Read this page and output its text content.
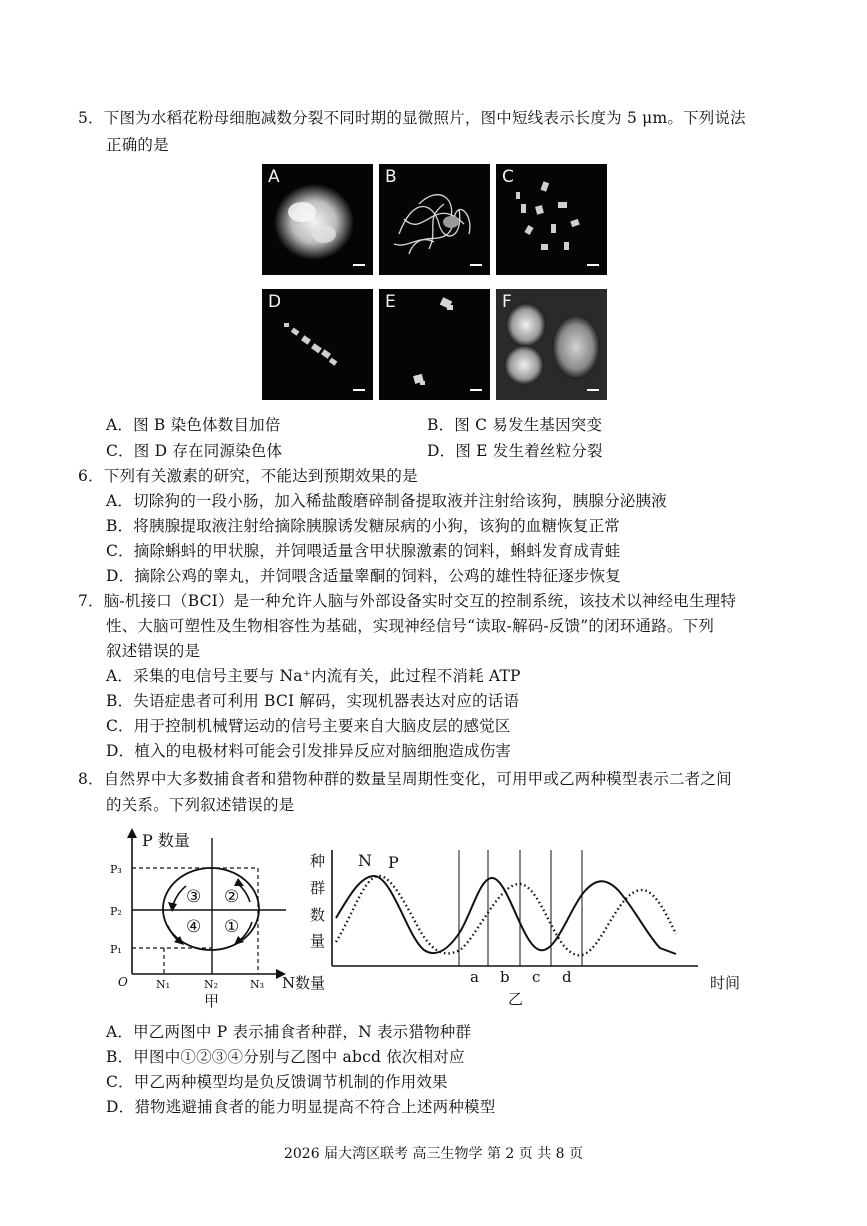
5．下图为水稻花粉母细胞减数分裂不同时期的显微照片，图中短线表示长度为 5 μm。下列说法
正确的是
A	B	C
D	E	F
A．图 B 染色体数目加倍	B．图 C 易发生基因突变
C．图 D 存在同源染色体	D．图 E 发生着丝粒分裂
6．下列有关激素的研究，不能达到预期效果的是
A．切除狗的一段小肠，加入稀盐酸磨碎制备提取液并注射给该狗，胰腺分泌胰液
B．将胰腺提取液注射给摘除胰腺诱发糖尿病的小狗，该狗的血糖恢复正常
C．摘除蝌蚪的甲状腺，并饲喂适量含甲状腺激素的饲料，蝌蚪发育成青蛙
D．摘除公鸡的睾丸，并饲喂含适量睾酮的饲料，公鸡的雄性特征逐步恢复
7．脑-机接口（BCI）是一种允许人脑与外部设备实时交互的控制系统，该技术以神经电生理特
性、大脑可塑性及生物相容性为基础，实现神经信号“读取-解码-反馈”的闭环通路。下列
叙述错误的是
A．采集的电信号主要与 Na⁺内流有关，此过程不消耗 ATP
B．失语症患者可利用 BCI 解码，实现机器表达对应的话语
C．用于控制机械臂运动的信号主要来自大脑皮层的感觉区
D．植入的电极材料可能会引发排异反应对脑细胞造成伤害
8．自然界中大多数捕食者和猎物种群的数量呈周期性变化，可用甲或乙两种模型表示二者之间
的关系。下列叙述错误的是
③ ②
④ ①
P 数量
P₃
P₂
P₁
O	N₁	N₂	N₃ N数量
甲
种
群
数
量
N P
a b c d	时间
乙
A．甲乙两图中 P 表示捕食者种群，N 表示猎物种群
B．甲图中①②③④分别与乙图中 abcd 依次相对应
C．甲乙两种模型均是负反馈调节机制的作用效果
D．猎物逃避捕食者的能力明显提高不符合上述两种模型
2026 届大湾区联考 高三生物学 第 2 页 共 8 页
